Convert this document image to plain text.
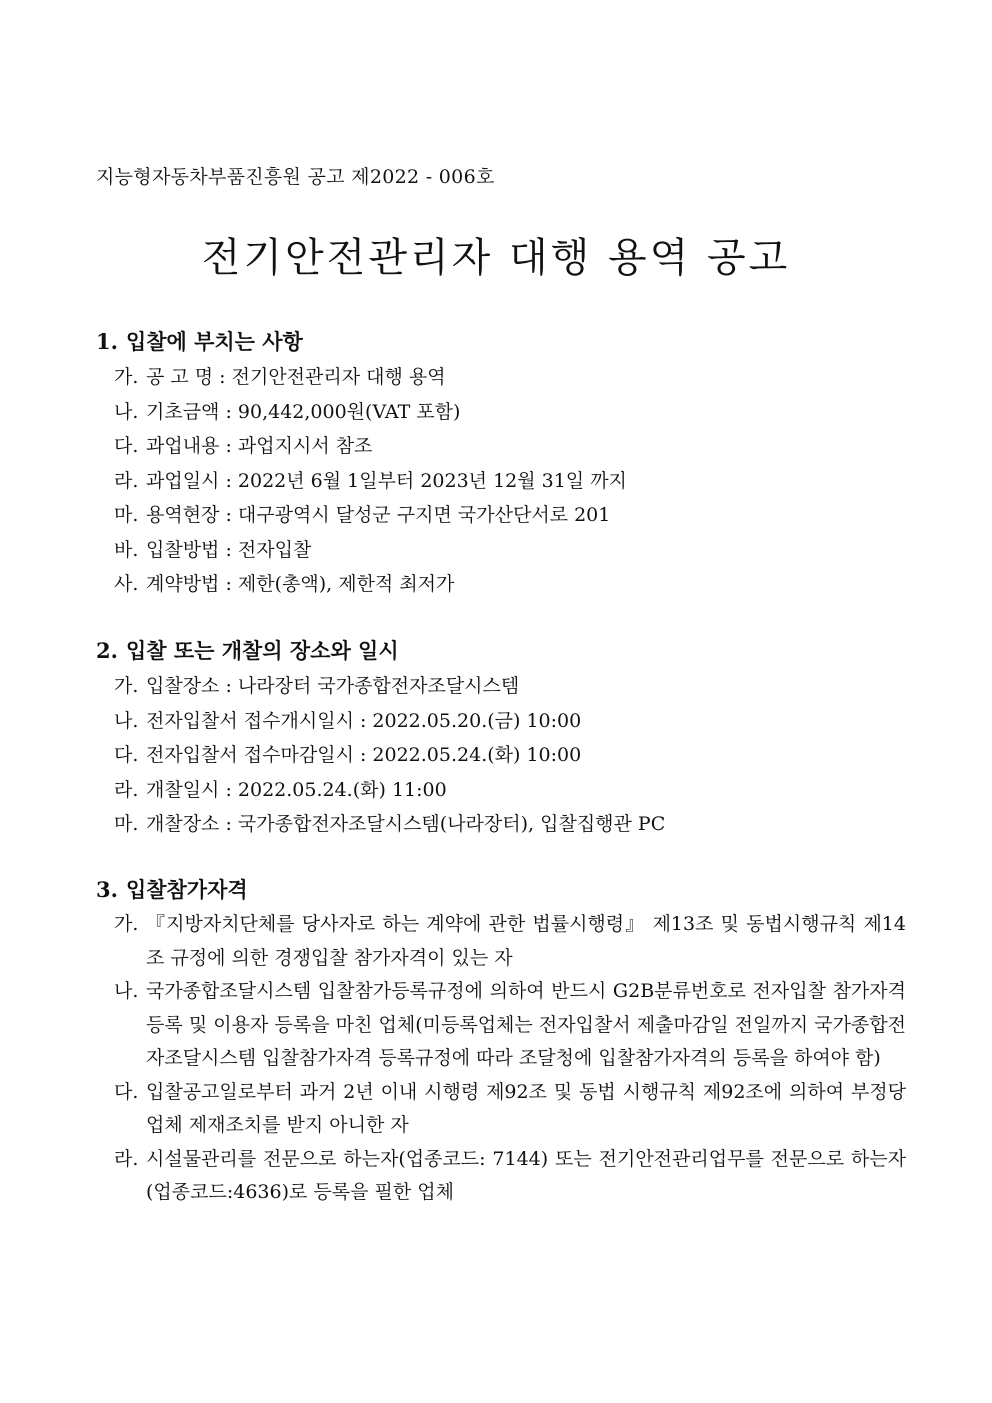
지능형자동차부품진흥원 공고 제2022 - 006호
전기안전관리자 대행 용역 공고
1. 입찰에 부치는 사항
가. 공 고 명 : 전기안전관리자 대행 용역
나. 기초금액 : 90,442,000원(VAT 포함)
다. 과업내용 : 과업지시서 참조
라. 과업일시 : 2022년 6월 1일부터 2023년 12월 31일 까지
마. 용역현장 : 대구광역시 달성군 구지면 국가산단서로 201
바. 입찰방법 : 전자입찰
사. 계약방법 : 제한(총액), 제한적 최저가
2. 입찰 또는 개찰의 장소와 일시
가. 입찰장소 : 나라장터 국가종합전자조달시스템
나. 전자입찰서 접수개시일시 : 2022.05.20.(금) 10:00
다. 전자입찰서 접수마감일시 : 2022.05.24.(화) 10:00
라. 개찰일시 : 2022.05.24.(화) 11:00
마. 개찰장소 : 국가종합전자조달시스템(나라장터), 입찰집행관 PC
3. 입찰참가자격
가. 『지방자치단체를 당사자로 하는 계약에 관한 법률시행령』 제13조 및 동법시행규칙 제14조 규정에 의한 경쟁입찰 참가자격이 있는 자
나. 국가종합조달시스템 입찰참가등록규정에 의하여 반드시 G2B분류번호로 전자입찰 참가자격 등록 및 이용자 등록을 마친 업체(미등록업체는 전자입찰서 제출마감일 전일까지 국가종합전자조달시스템 입찰참가자격 등록규정에 따라 조달청에 입찰참가자격의 등록을 하여야 함)
다. 입찰공고일로부터 과거 2년 이내 시행령 제92조 및 동법 시행규칙 제92조에 의하여 부정당업체 제재조치를 받지 아니한 자
라. 시설물관리를 전문으로 하는자(업종코드: 7144) 또는 전기안전관리업무를 전문으로 하는자(업종코드:4636)로 등록을 필한 업체
